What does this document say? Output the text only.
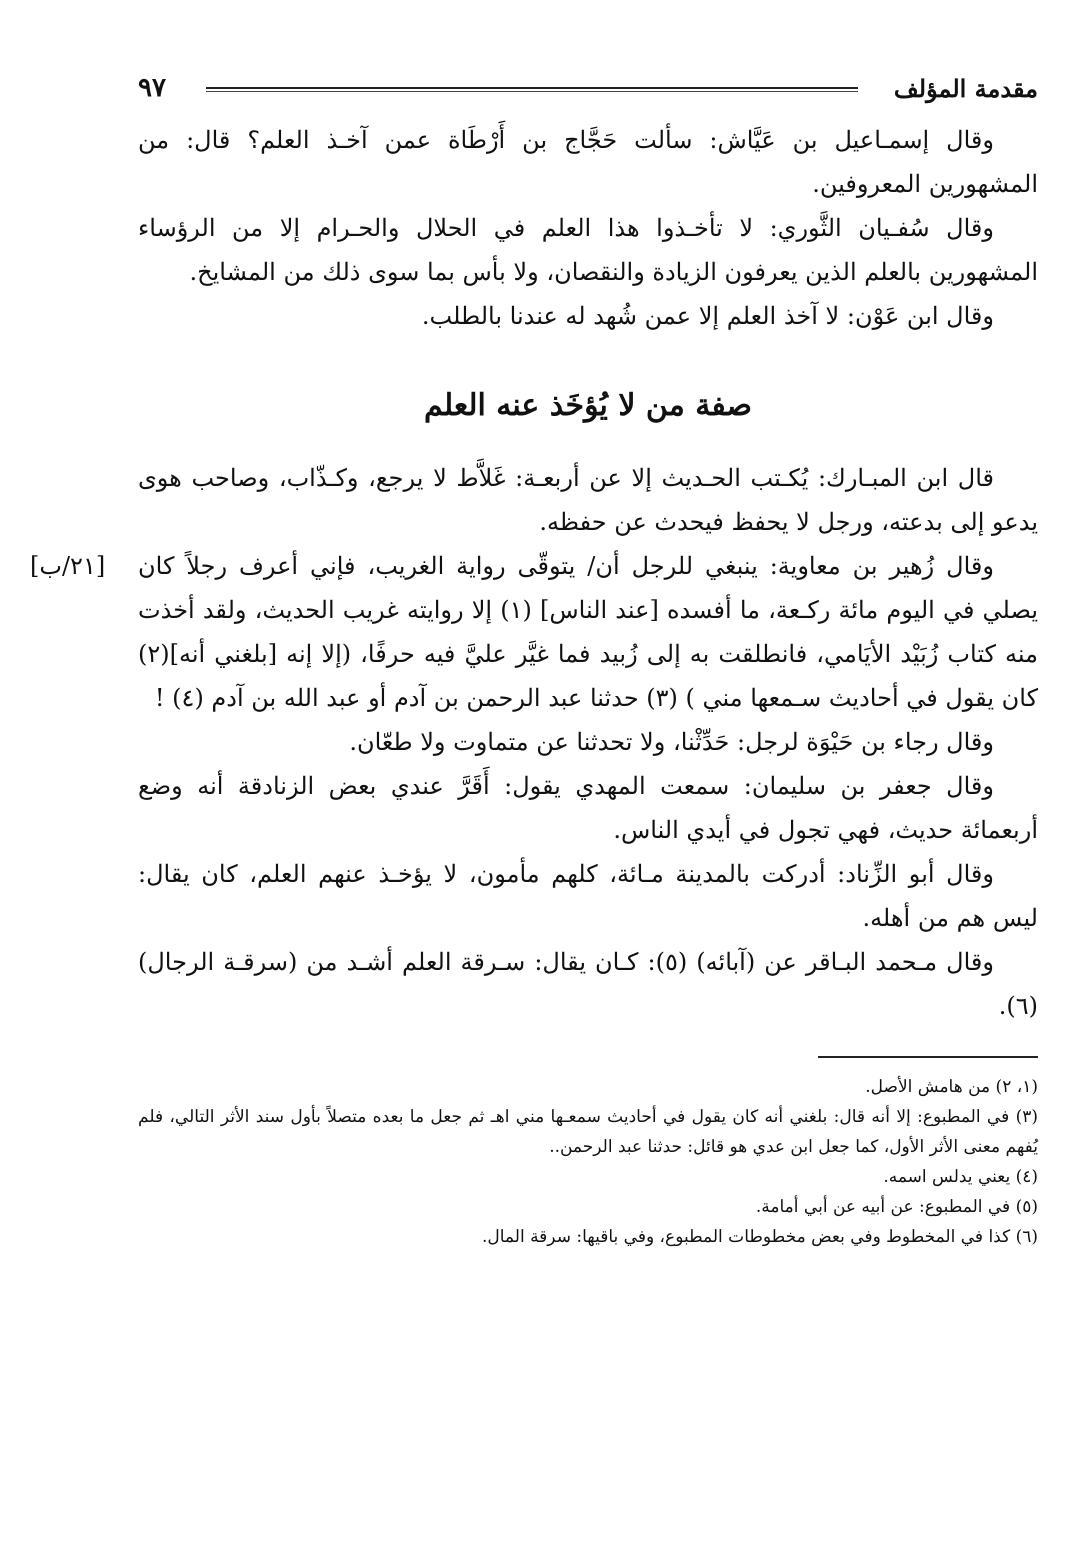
مقدمة المؤلف
٩٧

وقال إسمـاعيل بن عَيَّاش: سألت حَجَّاج بن أَرْطَاة عمن آخـذ العلم؟ قال: من المشهورين المعروفين.

وقال سُفـيان الثَّوري: لا تأخـذوا هذا العلم في الحلال والحـرام إلا من الرؤساء المشهورين بالعلم الذين يعرفون الزيادة والنقصان، ولا بأس بما سوى ذلك من المشايخ.

وقال ابن عَوْن: لا آخذ العلم إلا عمن شُهد له عندنا بالطلب.

صفة من لا يُؤخَذ عنه العلم
[٢١/ب]

قال ابن المبـارك: يُكـتب الحـديث إلا عن أربعـة: غَلاَّط لا يرجع، وكـذّاب، وصاحب هوى يدعو إلى بدعته، ورجل لا يحفظ فيحدث عن حفظه.

وقال زُهير بن معاوية: ينبغي للرجل أن/ يتوقّى رواية الغريب، فإني أعرف رجلاً كان يصلي في اليوم مائة ركـعة، ما أفسده [عند الناس] (١) إلا روايته غريب الحديث، ولقد أخذت منه كتاب زُبَيْد الأيَامي، فانطلقت به إلى زُبيد فما غيَّر عليَّ فيه حرفًا، (إلا إنه [بلغني أنه](٢) كان يقول في أحاديث سـمعها مني ) (٣) حدثنا عبد الرحمن بن آدم أو عبد الله بن آدم (٤) !

وقال رجاء بن حَيْوَة لرجل: حَدِّثْنا، ولا تحدثنا عن متماوت ولا طعّان.

وقال جعفر بن سليمان: سمعت المهدي يقول: أَقَرَّ عندي بعض الزنادقة أنه وضع أربعمائة حديث، فهي تجول في أيدي الناس.

وقال أبو الزِّناد: أدركت بالمدينة مـائة، كلهم مأمون، لا يؤخـذ عنهم العلم، كان يقال: ليس هم من أهله.

وقال مـحمد البـاقر عن (آبائه) (٥): كـان يقال: سـرقة العلم أشـد من (سرقـة الرجال) (٦).

(١، ٢) من هامش الأصل.

(٣) في المطبوع: إلا أنه قال: بلغني أنه كان يقول في أحاديث سمعـها مني اهـ ثم جعل ما بعده متصلاً بأول سند الأثر التالي، فلم يُفهم معنى الأثر الأول، كما جعل ابن عدي هو قائل: حدثنا عبد الرحمن..

(٤) يعني يدلس اسمه.

(٥) في المطبوع: عن أبيه عن أبي أمامة.

(٦) كذا في المخطوط وفي بعض مخطوطات المطبوع، وفي باقيها: سرقة المال.
